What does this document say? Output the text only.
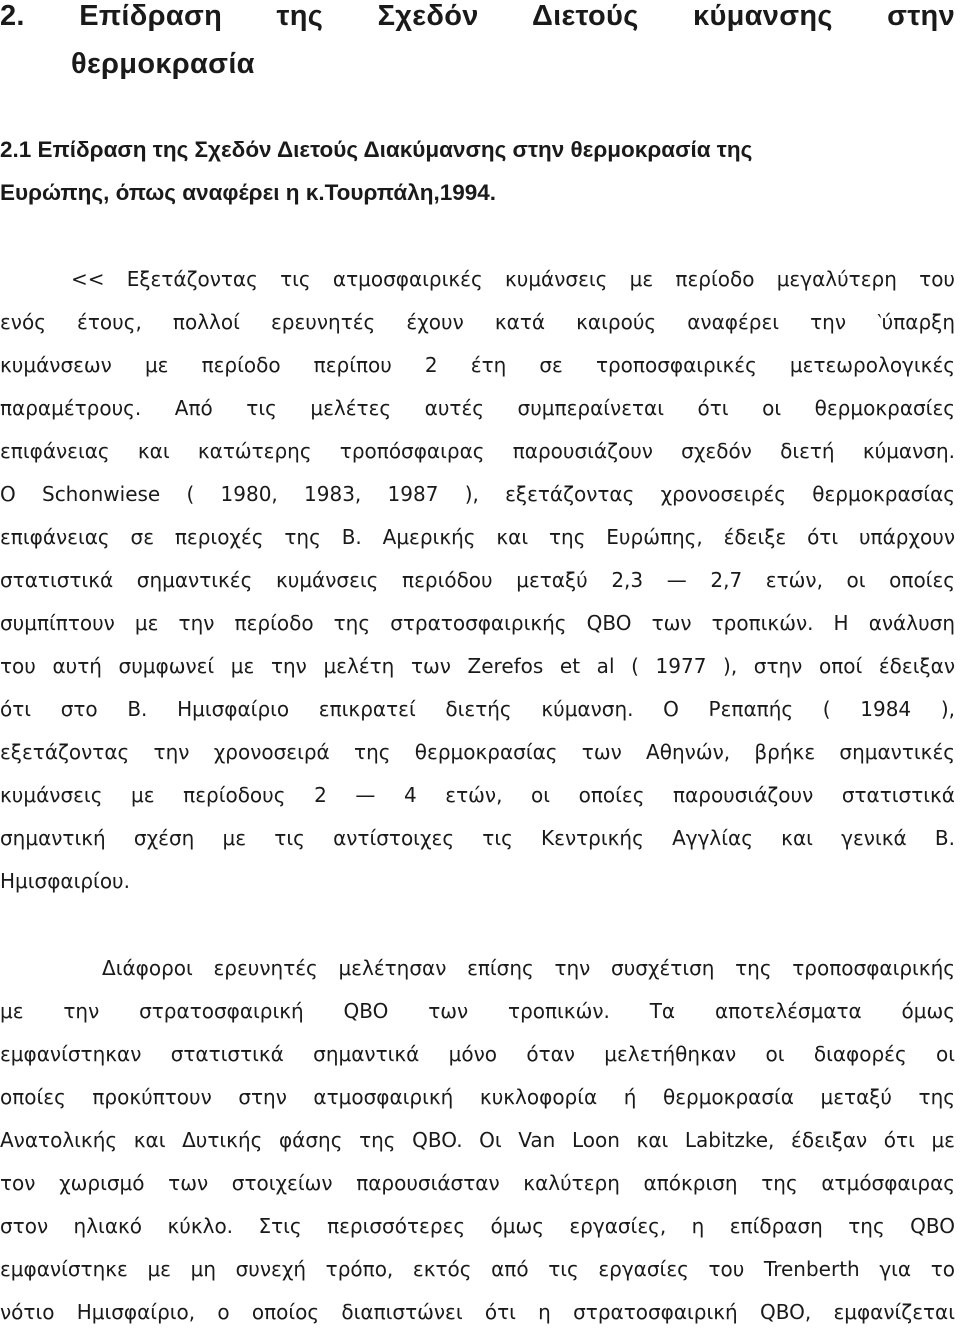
2. Επίδραση της Σχεδόν Διετούς κύμανσης στην
θερμοκρασία
2.1 Επίδραση της Σχεδόν Διετούς Διακύμανσης στην θερμοκρασία της
Ευρώπης, όπως αναφέρει η κ.Τουρπάλη,1994.
<< Εξετάζοντας τις ατμοσφαιρικές κυμάνσεις με περίοδο μεγαλύτερη του
ενός έτους, πολλοί ερευνητές έχουν κατά καιρούς αναφέρει την ‵ύπαρξη
κυμάνσεων με περίοδο περίπου 2 έτη σε τροποσφαιρικές μετεωρολογικές
παραμέτρους. Από τις μελέτες αυτές συμπεραίνεται ότι οι θερμοκρασίες
επιφάνειας και κατώτερης τροπόσφαιρας παρουσιάζουν σχεδόν διετή κύμανση.
Ο Schonwiese ( 1980, 1983, 1987 ), εξετάζοντας χρονοσειρές θερμοκρασίας
επιφάνειας σε περιοχές της Β. Αμερικής και της Ευρώπης, έδειξε ότι υπάρχουν
στατιστικά σημαντικές κυμάνσεις περιόδου μεταξύ 2,3 — 2,7 ετών, οι οποίες
συμπίπτουν με την περίοδο της στρατοσφαιρικής QBO των τροπικών. Η ανάλυση
του αυτή συμφωνεί με την μελέτη των Zerefos et al ( 1977 ), στην οποί έδειξαν
ότι στο Β. Ημισφαίριο επικρατεί διετής κύμανση. Ο Ρεπαπής ( 1984 ),
εξετάζοντας την χρονοσειρά της θερμοκρασίας των Αθηνών, βρήκε σημαντικές
κυμάνσεις με περίοδους 2 — 4 ετών, οι οποίες παρουσιάζουν στατιστικά
σημαντική σχέση με τις αντίστοιχες τις Κεντρικής Αγγλίας και γενικά Β.
Ημισφαιρίου.
Διάφοροι ερευνητές μελέτησαν επίσης την συσχέτιση της τροποσφαιρικής
με την στρατοσφαιρική QBO των τροπικών. Τα αποτελέσματα όμως
εμφανίστηκαν στατιστικά σημαντικά μόνο όταν μελετήθηκαν οι διαφορές οι
οποίες προκύπτουν στην ατμοσφαιρική κυκλοφορία ή θερμοκρασία μεταξύ της
Ανατολικής και Δυτικής φάσης της QBO. Οι Van Loon και Labitzke, έδειξαν ότι με
τον χωρισμό των στοιχείων παρουσιάσταν καλύτερη απόκριση της ατμόσφαιρας
στον ηλιακό κύκλο. Στις περισσότερες όμως εργασίες, η επίδραση της QBO
εμφανίστηκε με μη συνεχή τρόπο, εκτός από τις εργασίες του Trenberth για το
νότιο Ημισφαίριο, ο οποίος διαπιστώνει ότι η στρατοσφαιρική QBO, εμφανίζεται
